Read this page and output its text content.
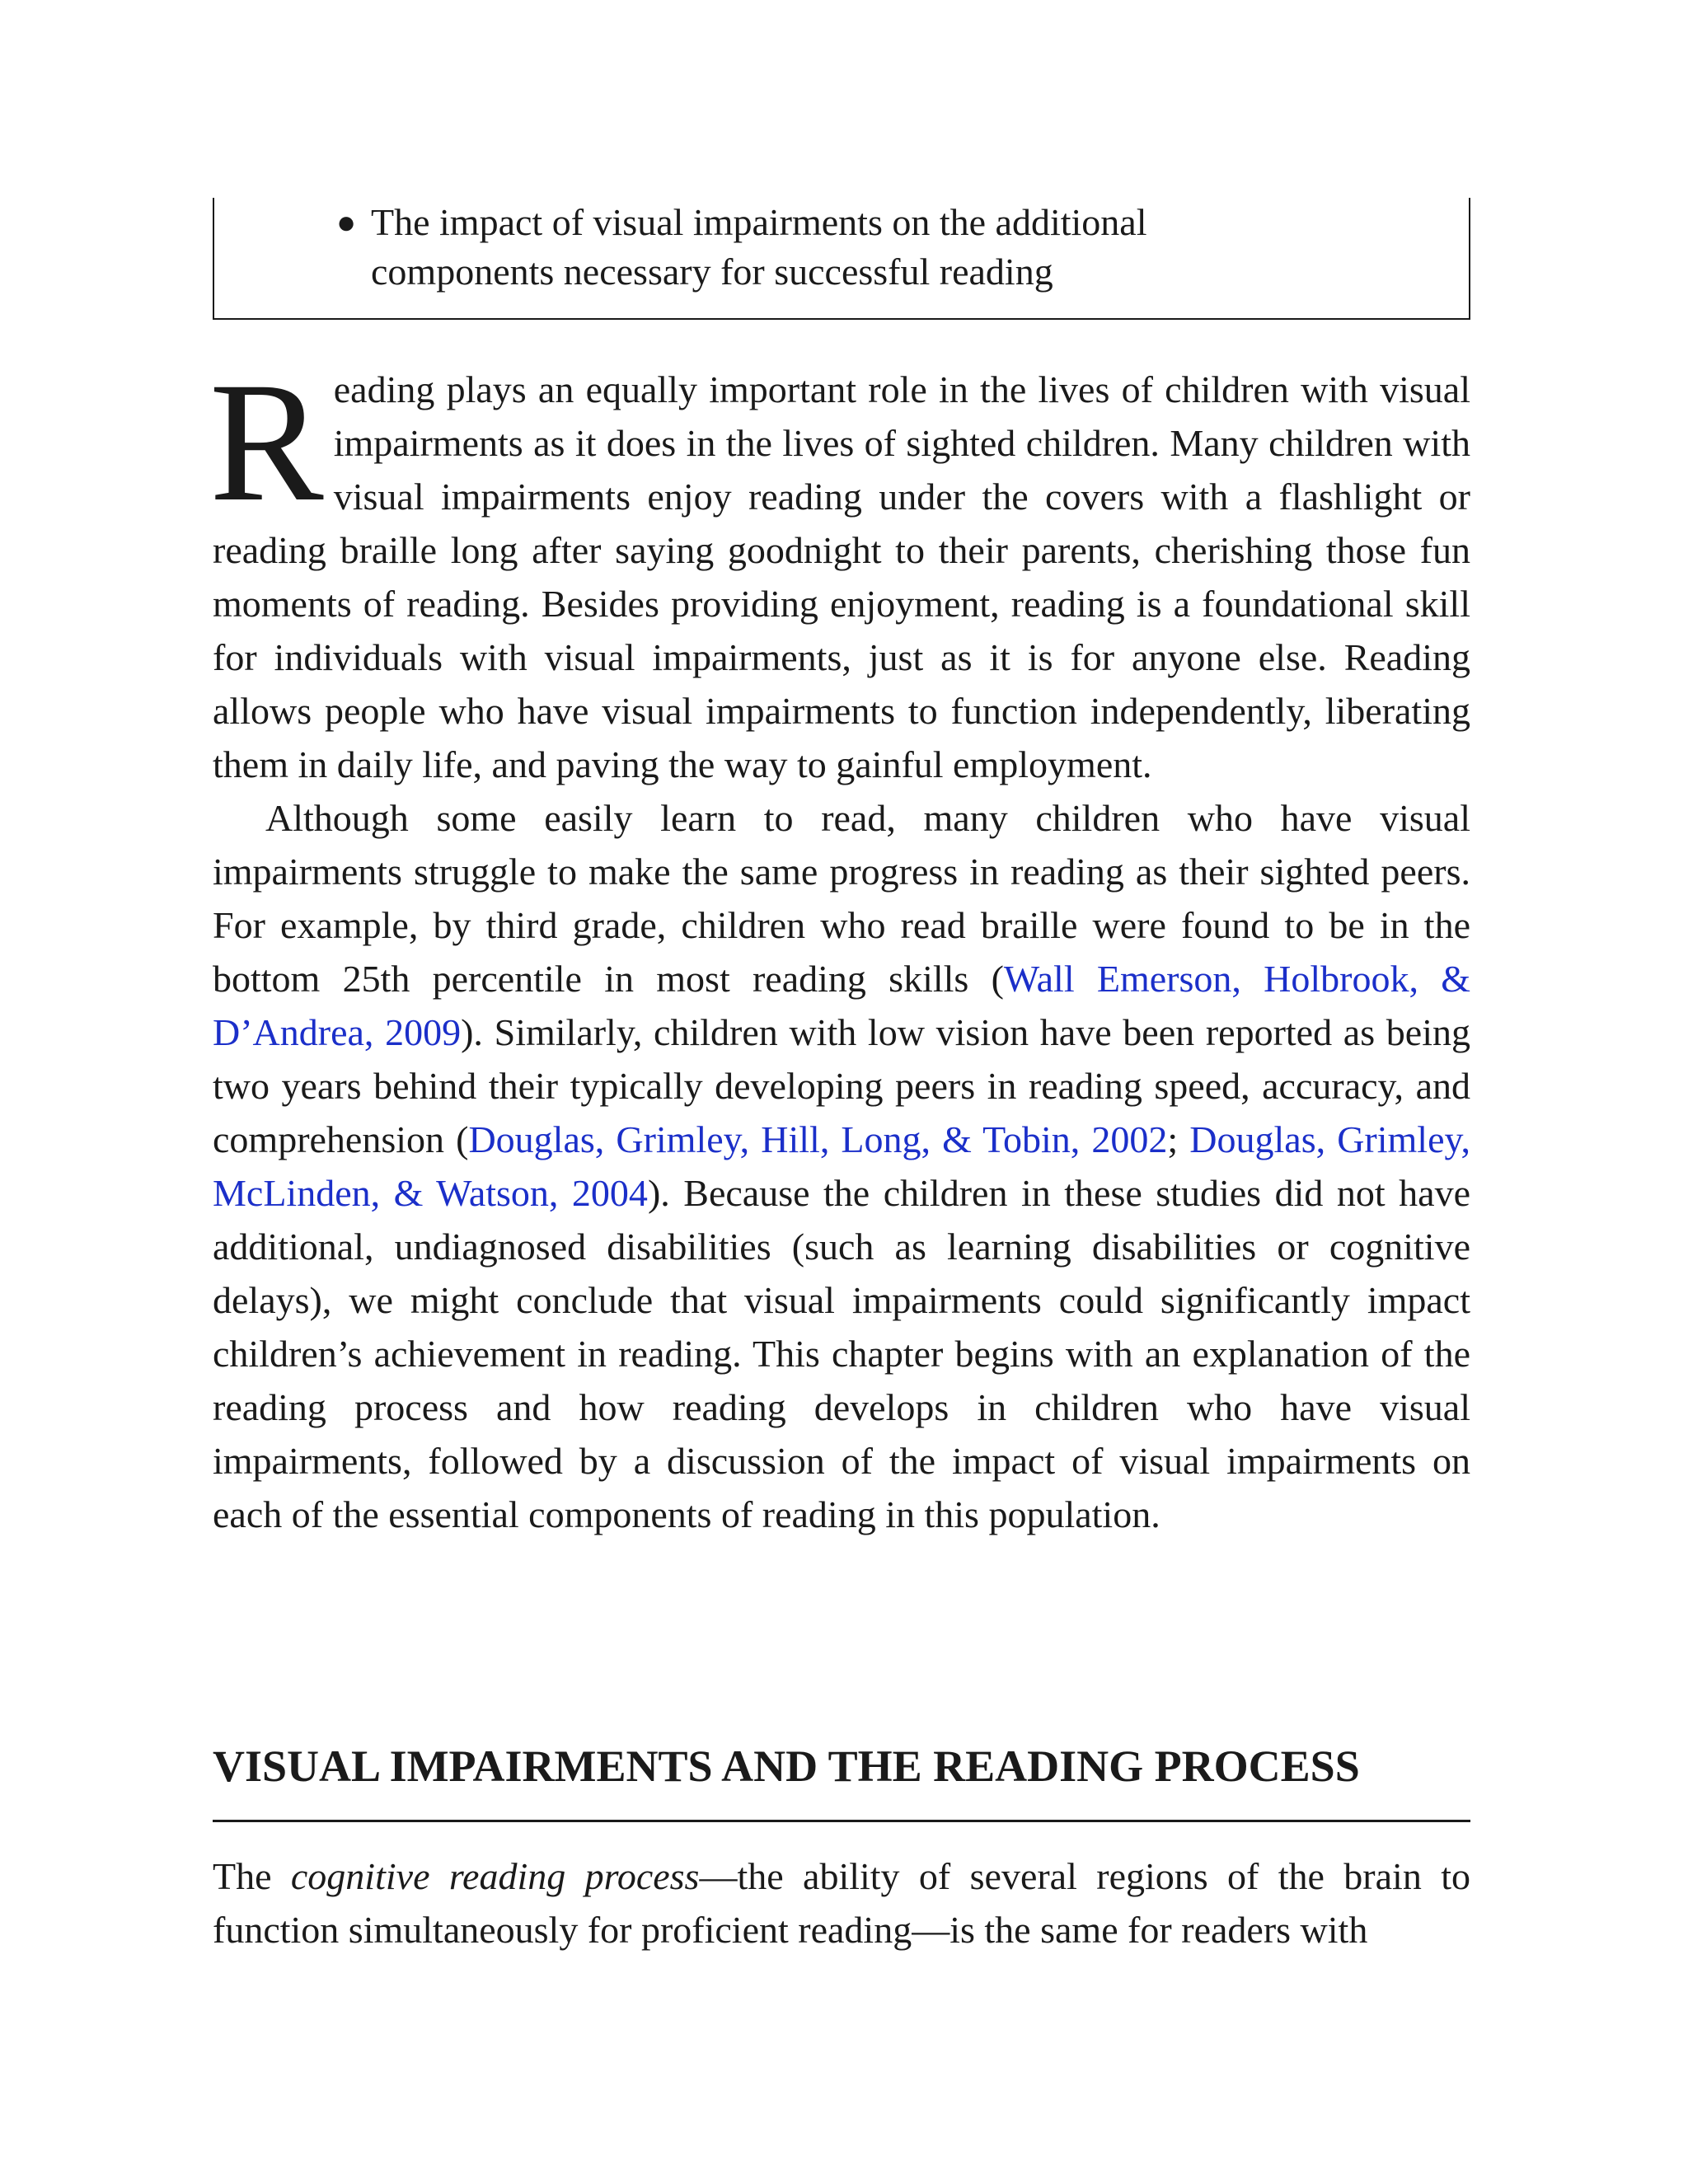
● The impact of visual impairments on the additional components necessary for successful reading

Reading plays an equally important role in the lives of children with visual impairments as it does in the lives of sighted children. Many children with visual impairments enjoy reading under the covers with a flashlight or reading braille long after saying goodnight to their parents, cherishing those fun moments of reading. Besides providing enjoyment, reading is a foundational skill for individuals with visual impairments, just as it is for anyone else. Reading allows people who have visual impairments to function independently, liberating them in daily life, and paving the way to gainful employment.

Although some easily learn to read, many children who have visual impairments struggle to make the same progress in reading as their sighted peers. For example, by third grade, children who read braille were found to be in the bottom 25th percentile in most reading skills (Wall Emerson, Holbrook, & D’Andrea, 2009). Similarly, children with low vision have been reported as being two years behind their typically developing peers in reading speed, accuracy, and comprehension (Douglas, Grimley, Hill, Long, & Tobin, 2002; Douglas, Grimley, McLinden, & Watson, 2004). Because the children in these studies did not have additional, undiagnosed disabilities (such as learning disabilities or cognitive delays), we might conclude that visual impairments could significantly impact children’s achievement in reading. This chapter begins with an explanation of the reading process and how reading develops in children who have visual impairments, followed by a discussion of the impact of visual impairments on each of the essential components of reading in this population.

VISUAL IMPAIRMENTS AND THE READING PROCESS

The cognitive reading process—the ability of several regions of the brain to function simultaneously for proficient reading—is the same for readers with
